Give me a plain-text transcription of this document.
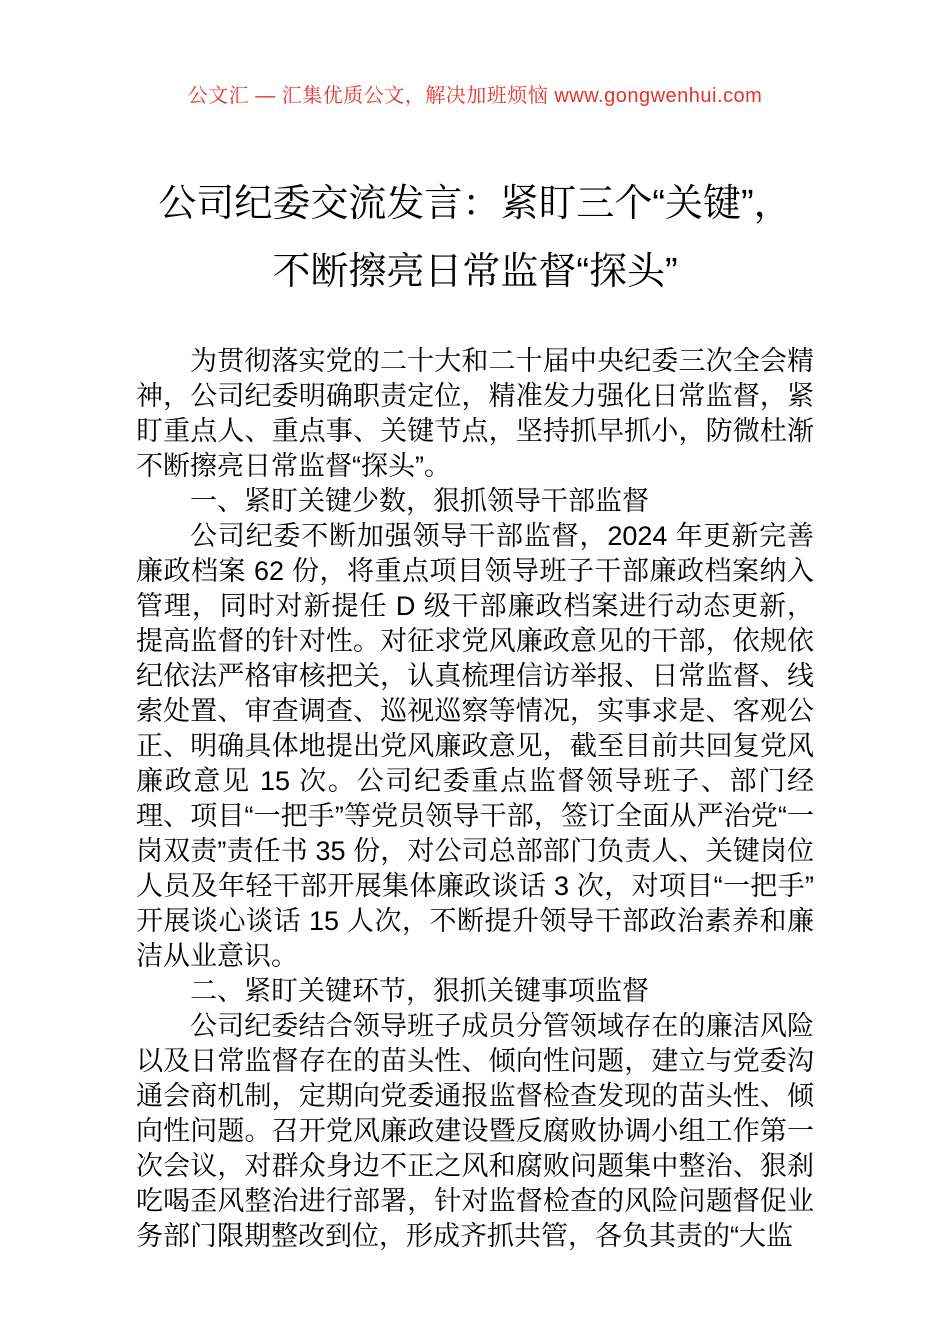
公文汇 — 汇集优质公文，解决加班烦恼 www.gongwenhui.com
公司纪委交流发言：紧盯三个“关键”，
不断擦亮日常监督“探头”

为贯彻落实党的二十大和二十届中央纪委三次全会精神，公司纪委明确职责定位，精准发力强化日常监督，紧盯重点人、重点事、关键节点，坚持抓早抓小，防微杜渐不断擦亮日常监督“探头”。

一、紧盯关键少数，狠抓领导干部监督

公司纪委不断加强领导干部监督，2024 年更新完善廉政档案 62 份，将重点项目领导班子干部廉政档案纳入管理，同时对新提任 D 级干部廉政档案进行动态更新，提高监督的针对性。对征求党风廉政意见的干部，依规依纪依法严格审核把关，认真梳理信访举报、日常监督、线索处置、审查调查、巡视巡察等情况，实事求是、客观公正、明确具体地提出党风廉政意见，截至目前共回复党风廉政意见 15 次。公司纪委重点监督领导班子、部门经理、项目“一把手”等党员领导干部，签订全面从严治党“一岗双责”责任书 35 份，对公司总部部门负责人、关键岗位人员及年轻干部开展集体廉政谈话 3 次，对项目“一把手”开展谈心谈话 15 人次，不断提升领导干部政治素养和廉洁从业意识。

二、紧盯关键环节，狠抓关键事项监督

公司纪委结合领导班子成员分管领域存在的廉洁风险以及日常监督存在的苗头性、倾向性问题，建立与党委沟通会商机制，定期向党委通报监督检查发现的苗头性、倾向性问题。召开党风廉政建设暨反腐败协调小组工作第一次会议，对群众身边不正之风和腐败问题集中整治、狠刹吃喝歪风整治进行部署，针对监督检查的风险问题督促业务部门限期整改到位，形成齐抓共管，各负其责的“大监
